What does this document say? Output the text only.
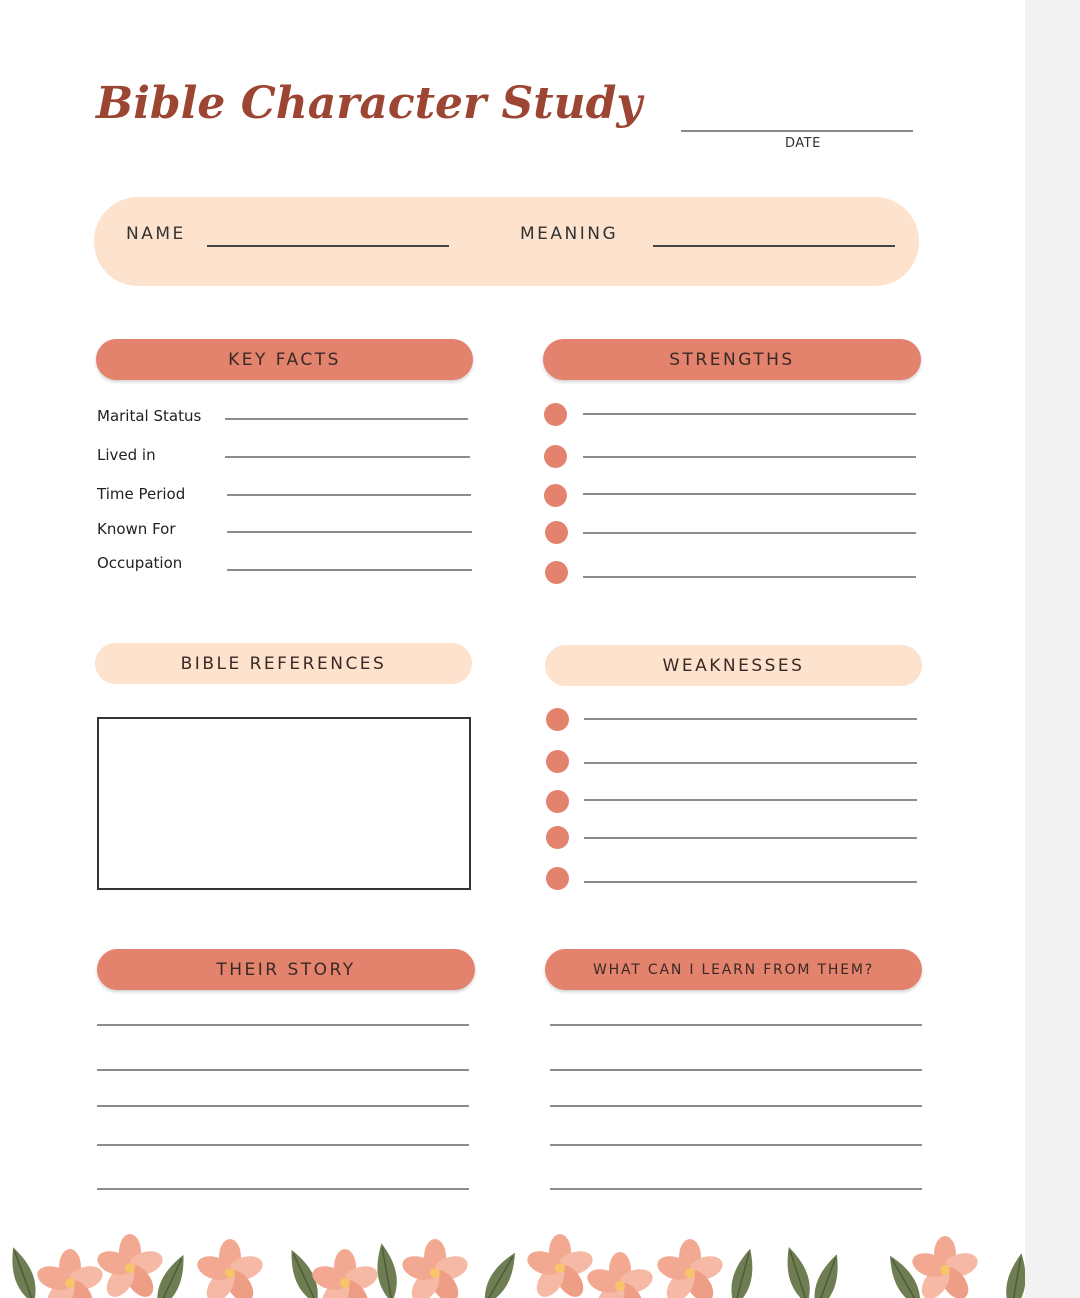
Bible Character Study
DATE
NAME	MEANING
KEY FACTS	STRENGTHS
BIBLE REFERENCES	WEAKNESSES
THEIR STORY	WHAT CAN I LEARN FROM THEM?
Marital Status
Lived in
Time Period
Known For
Occupation
